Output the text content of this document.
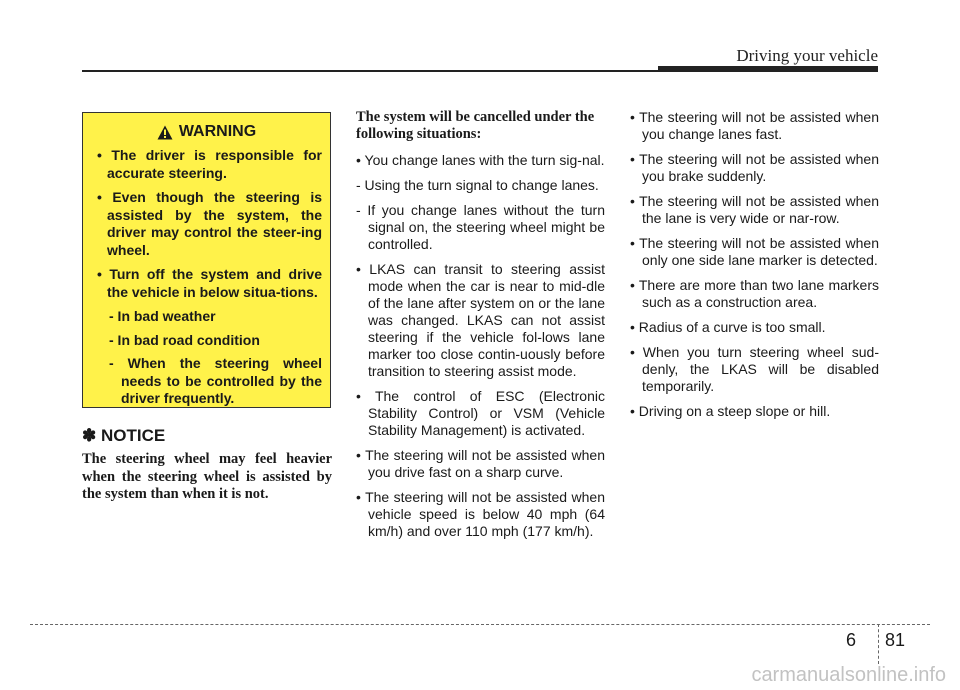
Driving your vehicle
WARNING
• The driver is responsible for accurate steering.
• Even though the steering is assisted by the system, the driver may control the steer-ing wheel.
• Turn off the system and drive the vehicle in below situa-tions.
- In bad weather
- In bad road condition
- When the steering wheel needs to be controlled by the driver frequently.
✽ NOTICE
The steering wheel may feel heavier when the steering wheel is assisted by the system than when it is not.
The system will be cancelled under the following situations:
• You change lanes with the turn sig-nal.
- Using the turn signal to change lanes.
- If you change lanes without the turn signal on, the steering wheel might be controlled.
• LKAS can transit to steering assist mode when the car is near to mid-dle of the lane after system on or the lane was changed. LKAS can not assist steering if the vehicle fol-lows lane marker too close contin-uously before transition to steering assist mode.
• The control of ESC (Electronic Stability Control) or VSM (Vehicle Stability Management) is activated.
• The steering will not be assisted when you drive fast on a sharp curve.
• The steering will not be assisted when vehicle speed is below 40 mph (64 km/h) and over 110 mph (177 km/h).
• The steering will not be assisted when you change lanes fast.
• The steering will not be assisted when you brake suddenly.
• The steering will not be assisted when the lane is very wide or nar-row.
• The steering will not be assisted when only one side lane marker is detected.
• There are more than two lane markers such as a construction area.
• Radius of a curve is too small.
• When you turn steering wheel sud-denly, the LKAS will be disabled temporarily.
• Driving on a steep slope or hill.
6 81
carmanualsonline.info
